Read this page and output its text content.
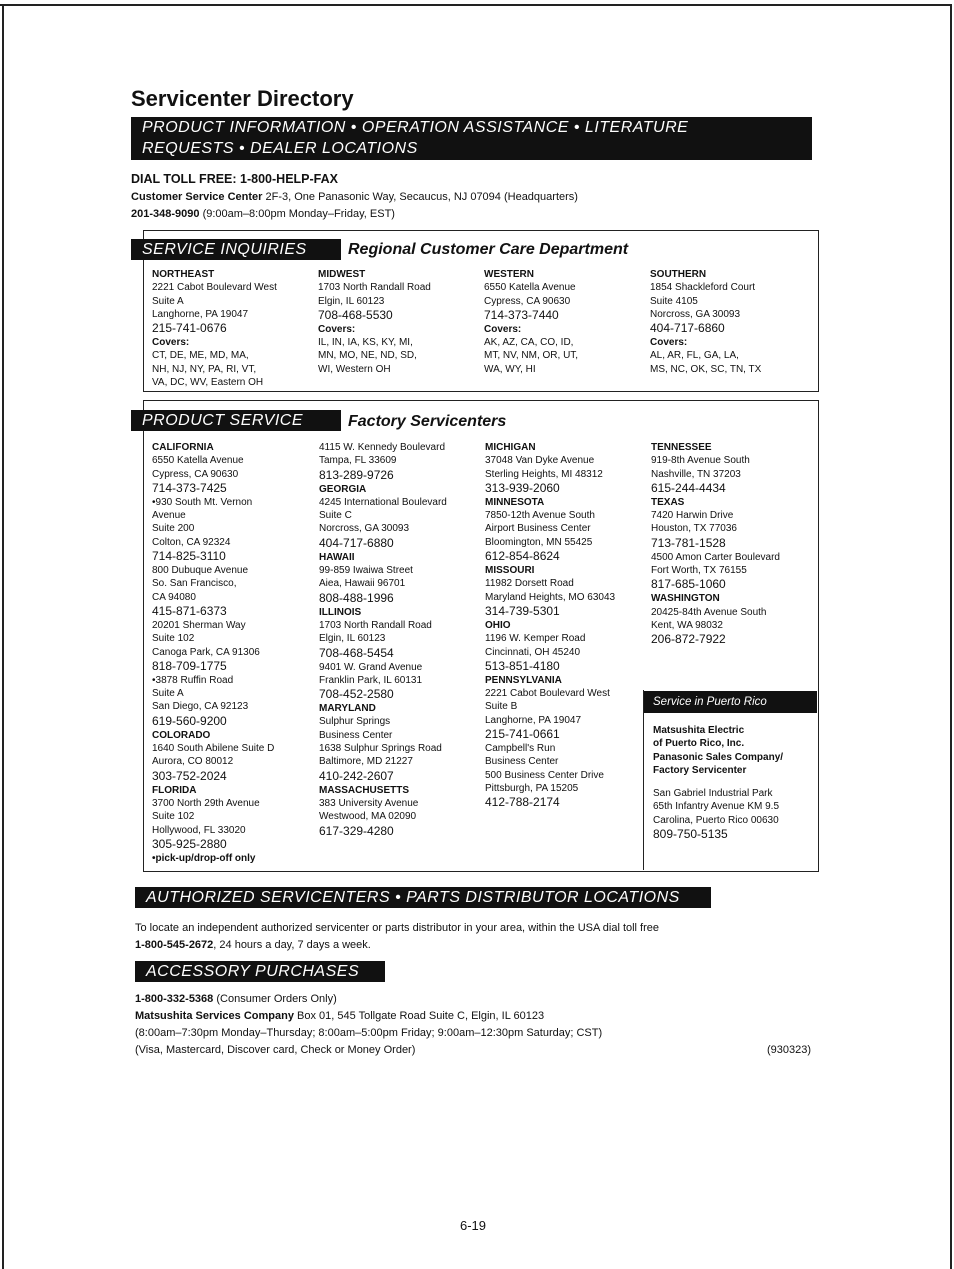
Servicenter Directory
PRODUCT INFORMATION • OPERATION ASSISTANCE • LITERATURE
REQUESTS • DEALER LOCATIONS
DIAL TOLL FREE: 1-800-HELP-FAX
Customer Service Center 2F-3, One Panasonic Way, Secaucus, NJ 07094 (Headquarters)
201-348-9090 (9:00am–8:00pm Monday–Friday, EST)
SERVICE INQUIRIES	Regional Customer Care Department
NORTHEAST
2221 Cabot Boulevard West
Suite A
Langhorne, PA 19047
215-741-0676
Covers:
CT, DE, ME, MD, MA,
NH, NJ, NY, PA, RI, VT,
VA, DC, WV, Eastern OH
MIDWEST
1703 North Randall Road
Elgin, IL 60123
708-468-5530
Covers:
IL, IN, IA, KS, KY, MI,
MN, MO, NE, ND, SD,
WI, Western OH
WESTERN
6550 Katella Avenue
Cypress, CA 90630
714-373-7440
Covers:
AK, AZ, CA, CO, ID,
MT, NV, NM, OR, UT,
WA, WY, HI
SOUTHERN
1854 Shackleford Court
Suite 4105
Norcross, GA 30093
404-717-6860
Covers:
AL, AR, FL, GA, LA,
MS, NC, OK, SC, TN, TX
PRODUCT SERVICE	Factory Servicenters
CALIFORNIA
6550 Katella Avenue
Cypress, CA 90630
714-373-7425
•930 South Mt. Vernon
Avenue
Suite 200
Colton, CA 92324
714-825-3110
800 Dubuque Avenue
So. San Francisco,
CA 94080
415-871-6373
20201 Sherman Way
Suite 102
Canoga Park, CA 91306
818-709-1775
•3878 Ruffin Road
Suite A
San Diego, CA 92123
619-560-9200
COLORADO
1640 South Abilene Suite D
Aurora, CO 80012
303-752-2024
FLORIDA
3700 North 29th Avenue
Suite 102
Hollywood, FL 33020
305-925-2880
•pick-up/drop-off only
4115 W. Kennedy Boulevard
Tampa, FL 33609
813-289-9726
GEORGIA
4245 International Boulevard
Suite C
Norcross, GA 30093
404-717-6880
HAWAII
99-859 Iwaiwa Street
Aiea, Hawaii 96701
808-488-1996
ILLINOIS
1703 North Randall Road
Elgin, IL 60123
708-468-5454
9401 W. Grand Avenue
Franklin Park, IL 60131
708-452-2580
MARYLAND
Sulphur Springs
Business Center
1638 Sulphur Springs Road
Baltimore, MD 21227
410-242-2607
MASSACHUSETTS
383 University Avenue
Westwood, MA 02090
617-329-4280
MICHIGAN
37048 Van Dyke Avenue
Sterling Heights, MI 48312
313-939-2060
MINNESOTA
7850-12th Avenue South
Airport Business Center
Bloomington, MN 55425
612-854-8624
MISSOURI
11982 Dorsett Road
Maryland Heights, MO 63043
314-739-5301
OHIO
1196 W. Kemper Road
Cincinnati, OH 45240
513-851-4180
PENNSYLVANIA
2221 Cabot Boulevard West
Suite B
Langhorne, PA 19047
215-741-0661
Campbell's Run
Business Center
500 Business Center Drive
Pittsburgh, PA 15205
412-788-2174
TENNESSEE
919-8th Avenue South
Nashville, TN 37203
615-244-4434
TEXAS
7420 Harwin Drive
Houston, TX 77036
713-781-1528
4500 Amon Carter Boulevard
Fort Worth, TX 76155
817-685-1060
WASHINGTON
20425-84th Avenue South
Kent, WA 98032
206-872-7922
Service in Puerto Rico
Matsushita Electric
of Puerto Rico, Inc.
Panasonic Sales Company/
Factory Servicenter
San Gabriel Industrial Park
65th Infantry Avenue KM 9.5
Carolina, Puerto Rico 00630
809-750-5135
AUTHORIZED SERVICENTERS • PARTS DISTRIBUTOR LOCATIONS
To locate an independent authorized servicenter or parts distributor in your area, within the USA dial toll free
1-800-545-2672, 24 hours a day, 7 days a week.
ACCESSORY PURCHASES
1-800-332-5368 (Consumer Orders Only)
Matsushita Services Company Box 01, 545 Tollgate Road Suite C, Elgin, IL 60123
(8:00am–7:30pm Monday–Thursday; 8:00am–5:00pm Friday; 9:00am–12:30pm Saturday; CST)
(Visa, Mastercard, Discover card, Check or Money Order)	(930323)
6-19
